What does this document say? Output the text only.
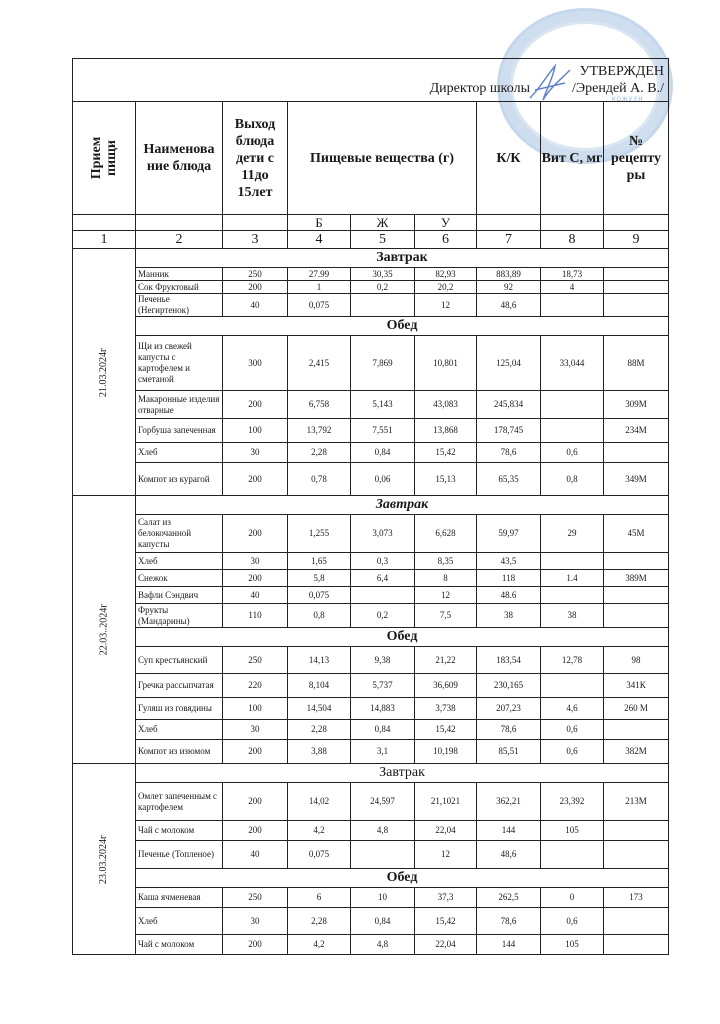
КОЖУУН
УТВЕРЖДЕН
Директор школы /Эрендей А. В./								

Прием пищи	Наименова ние блюда	Выход блюда дети с 11до 15лет	Пищевые вещества (г)			К/К	Вит С, мг	№ рецепту ры
			Б	Ж	У			
1	2	3	4	5	6	7	8	9
21.03.2024г	Завтрак							
	Манник	250	27.99	30,35	82,93	883,89	18,73	
	Сок Фруктовый	200	1	0,2	20,2	92	4	
	Печенье (Негиртенок)	40	0,075		12	48,6		
	Обед							
	Щи из свежей капусты с картофелем и сметаной	300	2,415	7,869	10,801	125,04	33,044	88М
	Макаронные изделия отварные	200	6,758	5,143	43,083	245,834		309М
	Горбуша запеченная	100	13,792	7,551	13,868	178,745		234М
	Хлеб	30	2,28	0,84	15,42	78,6	0,6	
	Компот из курагой	200	0,78	0,06	15,13	65,35	0,8	349М
22.03..2024г	Завтрак							
	Салат из белокочанной капусты	200	1,255	3,073	6,628	59,97	29	45М
	Хлеб	30	1,65	0,3	8,35	43,5		
	Снежок	200	5,8	6,4	8	118	1.4	389М
	Вафли Сэндвич	40	0,075		12	48.6		
	Фрукты (Мандарины)	110	0,8	0,2	7,5	38	38	
	Обед							
	Суп крестьянский	250	14,13	9,38	21,22	183,54	12,78	98
	Гречка рассыпчатая	220	8,104	5,737	36,609	230,165		341К
	Гуляш из говядины	100	14,504	14,883	3,738	207,23	4,6	260 М
	Хлеб	30	2,28	0,84	15,42	78,6	0,6	
	Компот из изюмом	200	3,88	3,1	10,198	85,51	0,6	382М
23.03.2024г	Завтрак							
	Омлет запеченным с картофелем	200	14,02	24,597	21,1021	362,21	23,392	213М
	Чай с молоком	200	4,2	4,8	22,04	144	105	
	Печенье (Топленое)	40	0,075		12	48,6		
	Обед							
	Каша ячменевая	250	6	10	37,3	262,5	0	173
	Хлеб	30	2,28	0,84	15,42	78,6	0,6	
	Чай с молоком	200	4,2	4,8	22,04	144	105	
